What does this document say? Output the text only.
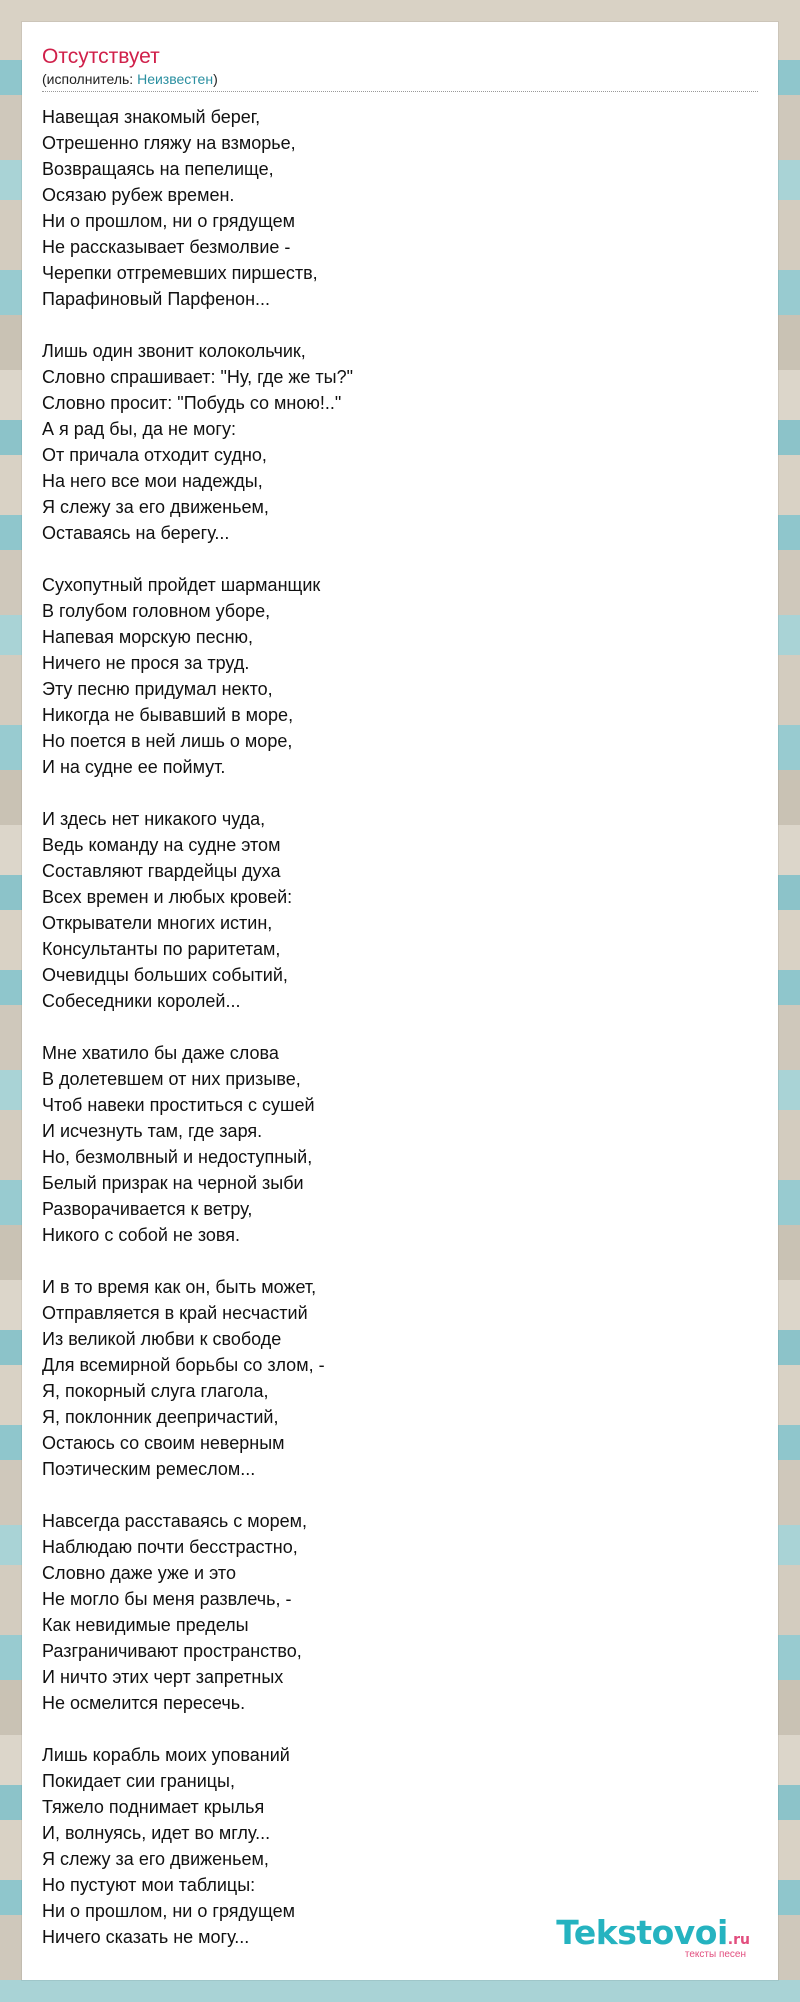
Отсутствует
(исполнитель: Неизвестен)
Навещая знакомый берег,
Отрешенно гляжу на взморье,
Возвращаясь на пепелище,
Осязаю рубеж времен.
Ни о прошлом, ни о грядущем
Не рассказывает безмолвие -
Черепки отгремевших пиршеств,
Парафиновый Парфенон...
Лишь один звонит колокольчик,
Словно спрашивает: "Ну, где же ты?"
Словно просит: "Побудь со мною!.."
А я рад бы, да не могу:
От причала отходит судно,
На него все мои надежды,
Я слежу за его движеньем,
Оставаясь на берегу...
Сухопутный пройдет шарманщик
В голубом головном уборе,
Напевая морскую песню,
Ничего не прося за труд.
Эту песню придумал некто,
Никогда не бывавший в море,
Но поется в ней лишь о море,
И на судне ее поймут.
И здесь нет никакого чуда,
Ведь команду на судне этом
Составляют гвардейцы духа
Всех времен и любых кровей:
Открыватели многих истин,
Консультанты по раритетам,
Очевидцы больших событий,
Собеседники королей...
Мне хватило бы даже слова
В долетевшем от них призыве,
Чтоб навеки проститься с сушей
И исчезнуть там, где заря.
Но, безмолвный и недоступный,
Белый призрак на черной зыби
Разворачивается к ветру,
Никого с собой не зовя.
И в то время как он, быть может,
Отправляется в край несчастий
Из великой любви к свободе
Для всемирной борьбы со злом, -
Я, покорный слуга глагола,
Я, поклонник деепричастий,
Остаюсь со своим неверным
Поэтическим ремеслом...
Навсегда расставаясь с морем,
Наблюдаю почти бесстрастно,
Словно даже уже и это
Не могло бы меня развлечь, -
Как невидимые пределы
Разграничивают пространство,
И ничто этих черт запретных
Не осмелится пересечь.
Лишь корабль моих упований
Покидает сии границы,
Тяжело поднимает крылья
И, волнуясь, идет во мглу...
Я слежу за его движеньем,
Но пустуют мои таблицы:
Ни о прошлом, ни о грядущем
Ничего сказать не могу...	Tekstovoi.ru
тексты песен
